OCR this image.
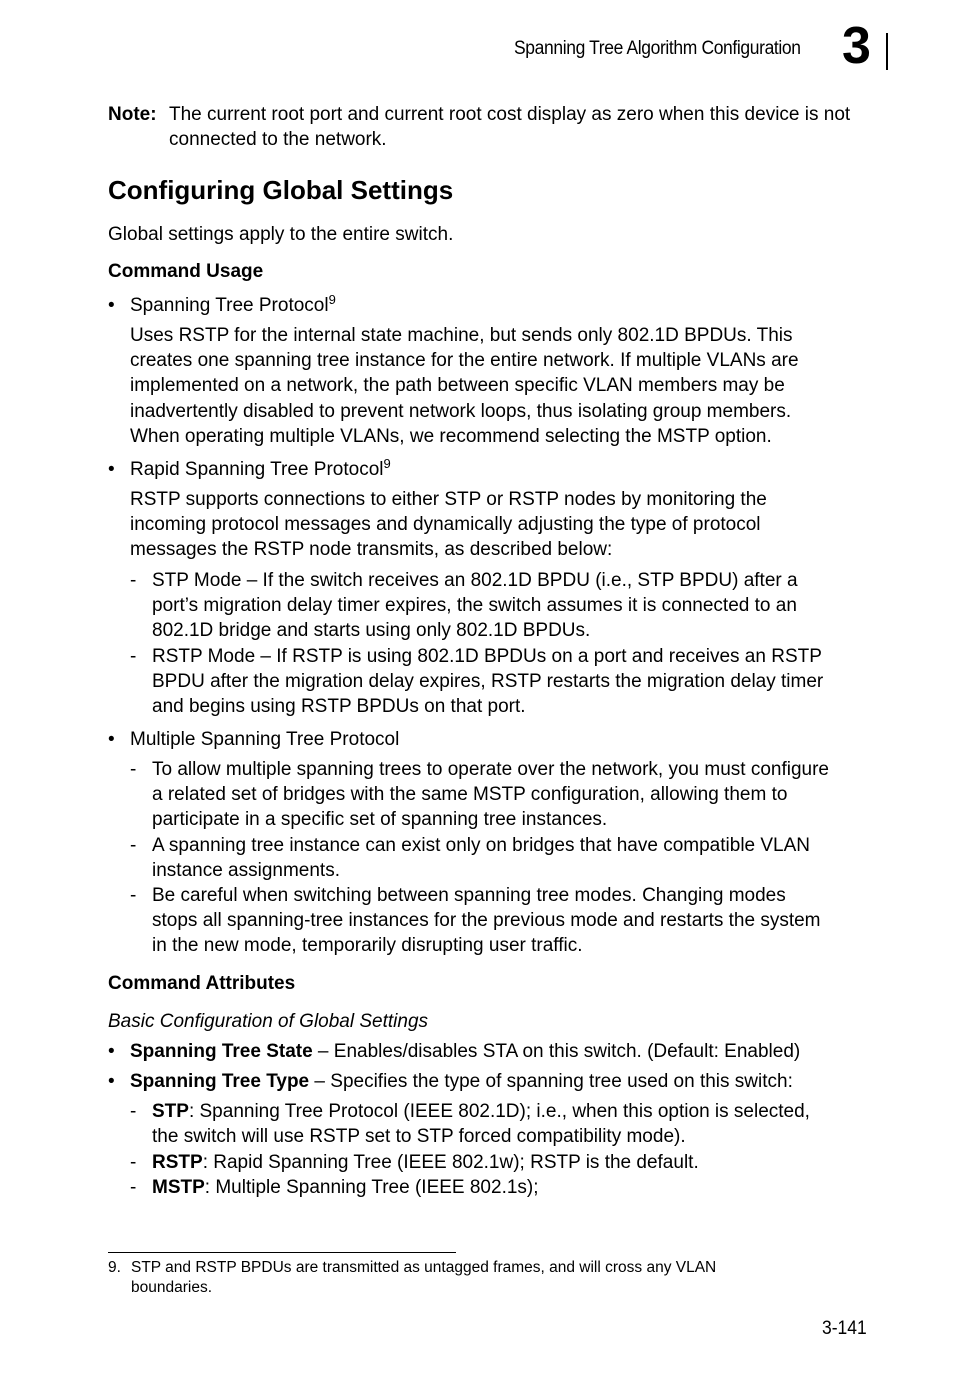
Spanning Tree Algorithm Configuration 3
Note: The current root port and current root cost display as zero when this device is not
connected to the network.
Configuring Global Settings
Global settings apply to the entire switch.
Command Usage
• Spanning Tree Protocol$^9$
Uses RSTP for the internal state machine, but sends only 802.1D BPDUs. This
creates one spanning tree instance for the entire network. If multiple VLANs are
implemented on a network, the path between specific VLAN members may be
inadvertently disabled to prevent network loops, thus isolating group members.
When operating multiple VLANs, we recommend selecting the MSTP option.
• Rapid Spanning Tree Protocol$^9$
RSTP supports connections to either STP or RSTP nodes by monitoring the
incoming protocol messages and dynamically adjusting the type of protocol
messages the RSTP node transmits, as described below:
- STP Mode – If the switch receives an 802.1D BPDU (i.e., STP BPDU) after a
port’s migration delay timer expires, the switch assumes it is connected to an
802.1D bridge and starts using only 802.1D BPDUs.
- RSTP Mode – If RSTP is using 802.1D BPDUs on a port and receives an RSTP
BPDU after the migration delay expires, RSTP restarts the migration delay timer
and begins using RSTP BPDUs on that port.
• Multiple Spanning Tree Protocol
- To allow multiple spanning trees to operate over the network, you must configure
a related set of bridges with the same MSTP configuration, allowing them to
participate in a specific set of spanning tree instances.
- A spanning tree instance can exist only on bridges that have compatible VLAN
instance assignments.
- Be careful when switching between spanning tree modes. Changing modes
stops all spanning-tree instances for the previous mode and restarts the system
in the new mode, temporarily disrupting user traffic.
Command Attributes
Basic Configuration of Global Settings
• Spanning Tree State – Enables/disables STA on this switch. (Default: Enabled)
• Spanning Tree Type – Specifies the type of spanning tree used on this switch:
- STP: Spanning Tree Protocol (IEEE 802.1D); i.e., when this option is selected,
the switch will use RSTP set to STP forced compatibility mode).
- RSTP: Rapid Spanning Tree (IEEE 802.1w); RSTP is the default.
- MSTP: Multiple Spanning Tree (IEEE 802.1s);
9. STP and RSTP BPDUs are transmitted as untagged frames, and will cross any VLAN
boundaries.
3-141
